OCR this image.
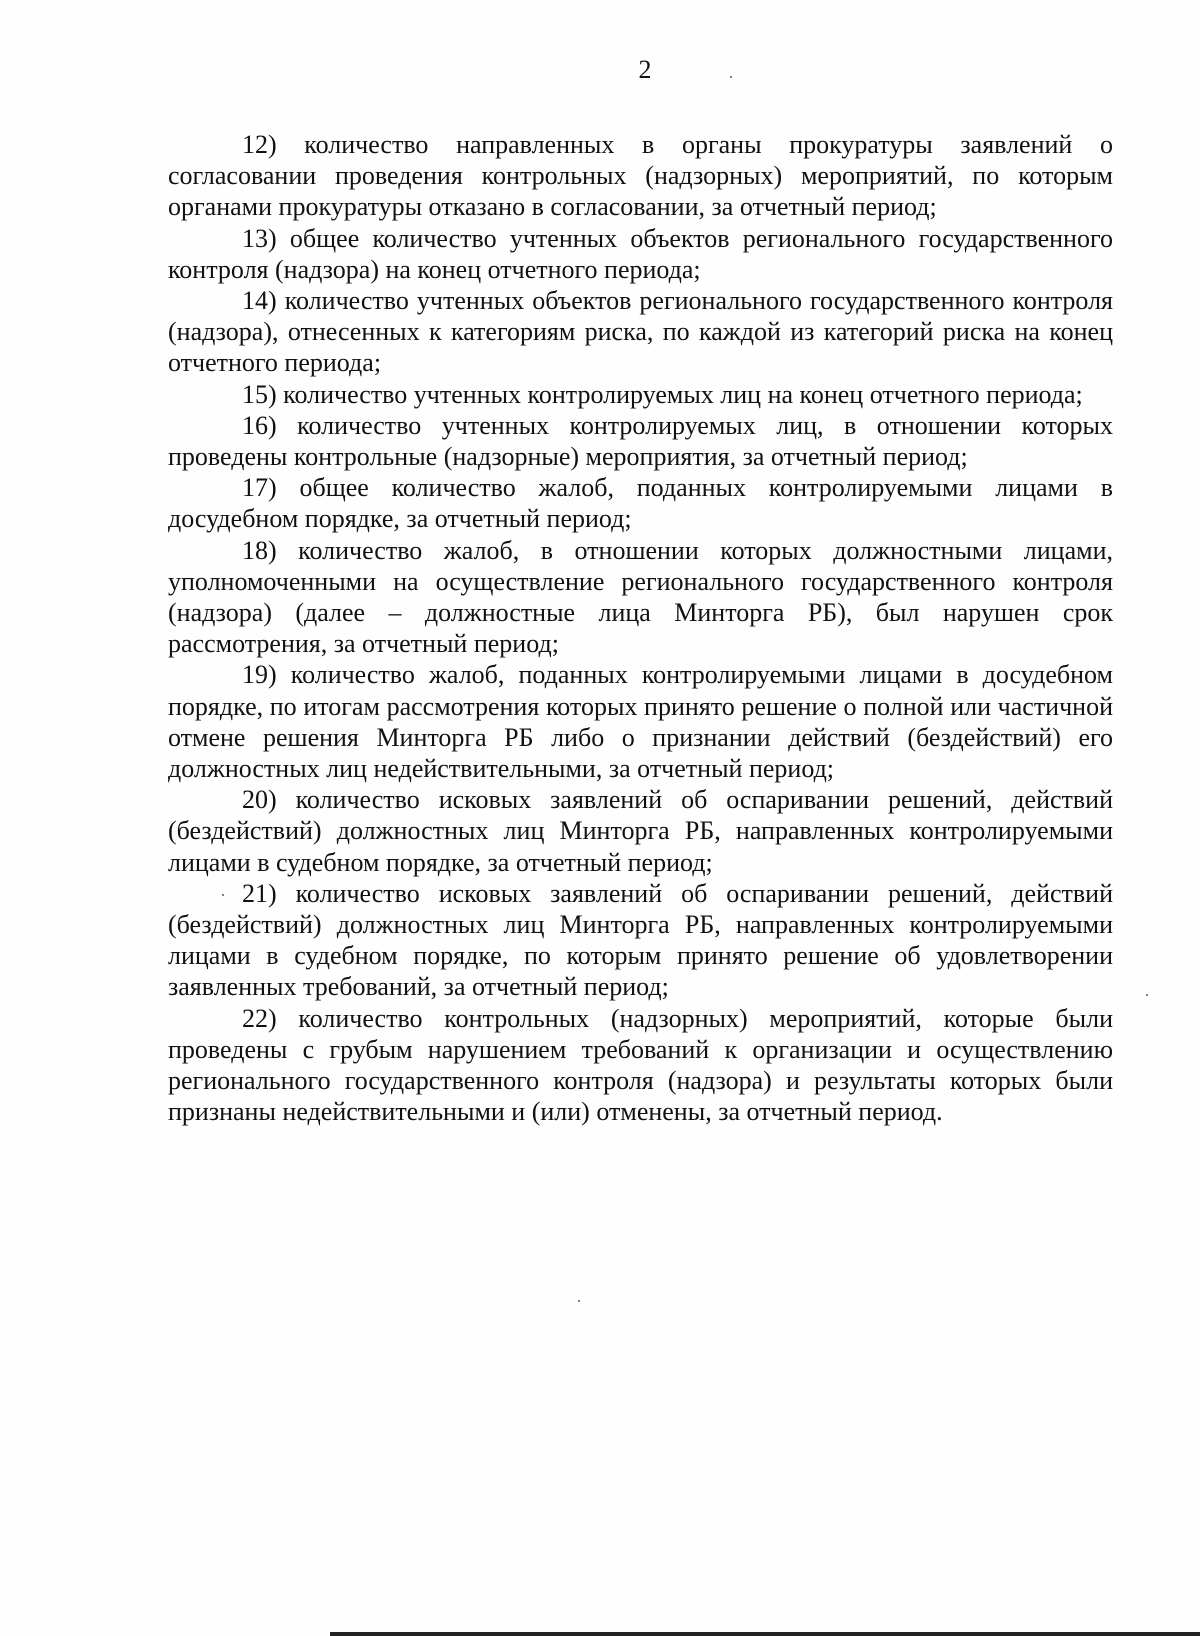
2

12) количество направленных в органы прокуратуры заявлений о согласовании проведения контрольных (надзорных) мероприятий, по которым органами прокуратуры отказано в согласовании, за отчетный период;

13) общее количество учтенных объектов регионального государственного контроля (надзора) на конец отчетного периода;

14) количество учтенных объектов регионального государственного контроля (надзора), отнесенных к категориям риска, по каждой из категорий риска на конец отчетного периода;

15) количество учтенных контролируемых лиц на конец отчетного периода;

16) количество учтенных контролируемых лиц, в отношении которых проведены контрольные (надзорные) мероприятия, за отчетный период;

17) общее количество жалоб, поданных контролируемыми лицами в досудебном порядке, за отчетный период;

18) количество жалоб, в отношении которых должностными лицами, уполномоченными на осуществление регионального государственного контроля (надзора) (далее – должностные лица Минторга РБ), был нарушен срок рассмотрения, за отчетный период;

19) количество жалоб, поданных контролируемыми лицами в досудебном порядке, по итогам рассмотрения которых принято решение о полной или частичной отмене решения Минторга РБ либо о признании действий (бездействий) его должностных лиц недействительными, за отчетный период;

20) количество исковых заявлений об оспаривании решений, действий (бездействий) должностных лиц Минторга РБ, направленных контролируемыми лицами в судебном порядке, за отчетный период;

21) количество исковых заявлений об оспаривании решений, действий (бездействий) должностных лиц Минторга РБ, направленных контролируемыми лицами в судебном порядке, по которым принято решение об удовлетворении заявленных требований, за отчетный период;

22) количество контрольных (надзорных) мероприятий, которые были проведены с грубым нарушением требований к организации и осуществлению регионального государственного контроля (надзора) и результаты которых были признаны недействительными и (или) отменены, за отчетный период.
